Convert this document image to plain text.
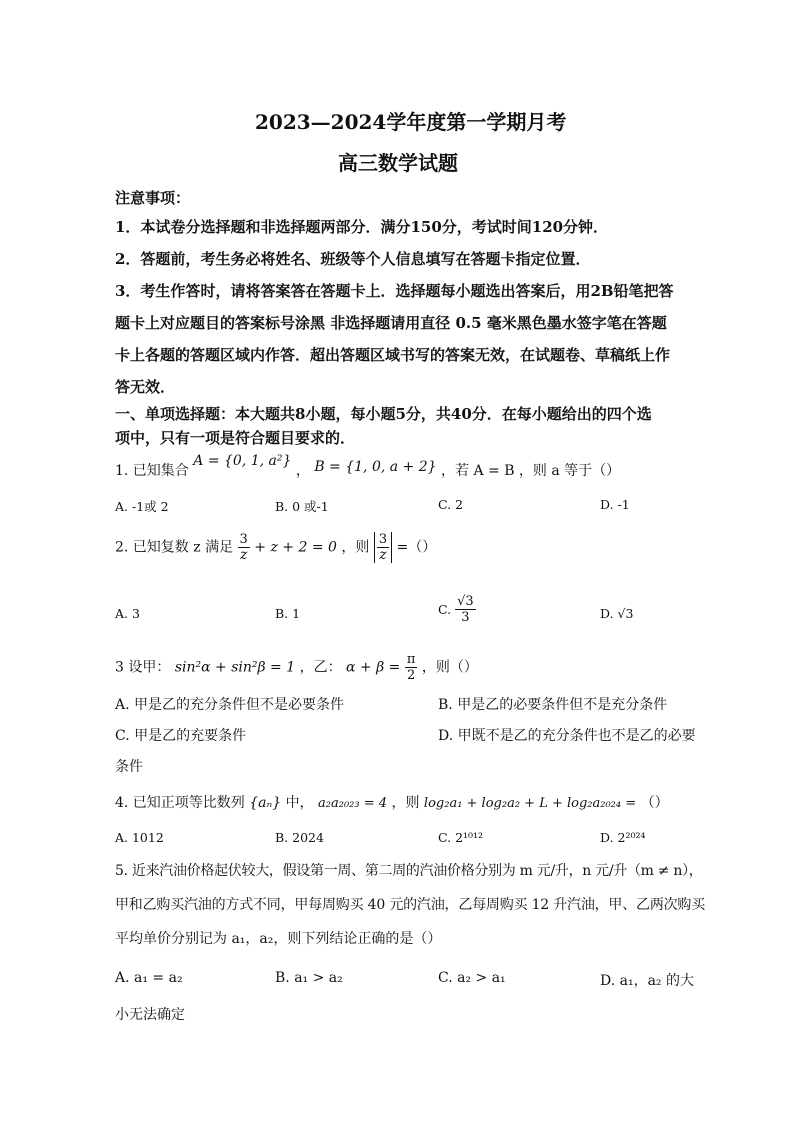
2023—2024学年度第一学期月考
高三数学试题
注意事项：
1．本试卷分选择题和非选择题两部分．满分150分，考试时间120分钟．
2．答题前，考生务必将姓名、班级等个人信息填写在答题卡指定位置．
3．考生作答时，请将答案答在答题卡上．选择题每小题选出答案后，用2B铅笔把答
题卡上对应题目的答案标号涂黑 非选择题请用直径 0.5 毫米黑色墨水签字笔在答题
卡上各题的答题区域内作答．超出答题区域书写的答案无效，在试题卷、草稿纸上作
答无效．
一、单项选择题：本大题共8小题，每小题5分，共40分．在每小题给出的四个选
项中，只有一项是符合题目要求的．
1. 已知集合 A = {0, 1, a²} ， B = {1, 0, a + 2} ，若 A = B ，则 a 等于（）
A. -1或 2	B. 0 或-1	C. 2	D. -1
2. 已知复数 z 满足 $\frac{3}{z} + z + 2 = 0$ ，则 $\frac{3}{z}$ =（）
A. 3	B. 1	C. $\frac{√3}{3}$	D. √3
3 设甲： sin²α + sin²β = 1 ，乙： $\alpha + \beta = \frac{\pi}{2}$ ，则（）
A. 甲是乙的充分条件但不是必要条件	B. 甲是乙的必要条件但不是充分条件
C. 甲是乙的充要条件	D. 甲既不是乙的充分条件也不是乙的必要
条件
4. 已知正项等比数列 {aₙ} 中， a₂a₂₀₂₃ = 4 ，则 log₂a₁ + log₂a₂ + L + log₂a₂₀₂₄ = （）
A. 1012	B. 2024	C. 2¹⁰¹²	D. 2²⁰²⁴
5. 近来汽油价格起伏较大，假设第一周、第二周的汽油价格分别为 m 元/升，n 元/升（m ≠ n），
甲和乙购买汽油的方式不同，甲每周购买 40 元的汽油，乙每周购买 12 升汽油，甲、乙两次购买
平均单价分别记为 a₁，a₂，则下列结论正确的是（）
A. a₁ = a₂	B. a₁ > a₂	C. a₂ > a₁	D. a₁，a₂ 的大
小无法确定
